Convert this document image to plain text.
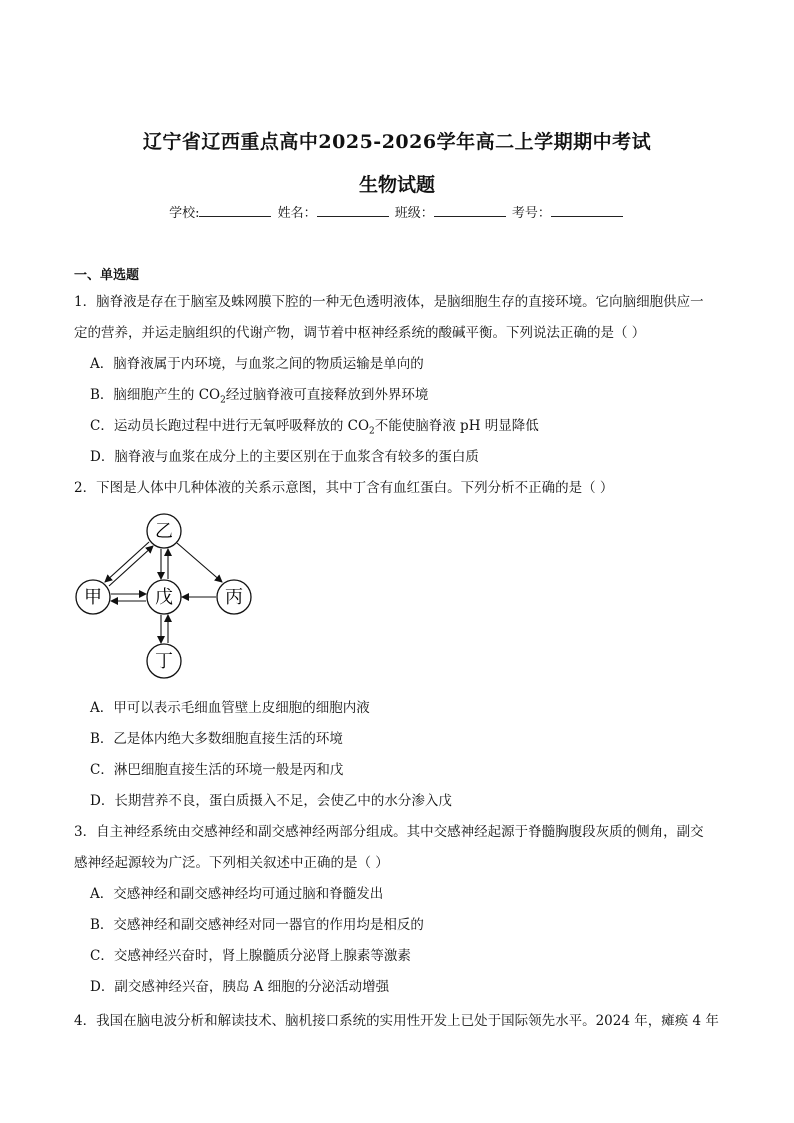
辽宁省辽西重点高中2025-2026学年高二上学期期中考试
生物试题
学校:	姓名：	班级：	考号：
一、单选题
1．脑脊液是存在于脑室及蛛网膜下腔的一种无色透明液体，是脑细胞生存的直接环境。它向脑细胞供应一
定的营养，并运走脑组织的代谢产物，调节着中枢神经系统的酸碱平衡。下列说法正确的是（ ）
A．脑脊液属于内环境，与血浆之间的物质运输是单向的
B．脑细胞产生的 $CO_2$经过脑脊液可直接释放到外界环境
C．运动员长跑过程中进行无氧呼吸释放的 $CO_2$不能使脑脊液 pH 明显降低
D．脑脊液与血浆在成分上的主要区别在于血浆含有较多的蛋白质
2．下图是人体中几种体液的关系示意图，其中丁含有血红蛋白。下列分析不正确的是（ ）
乙
甲	戊	丙
丁
A．甲可以表示毛细血管壁上皮细胞的细胞内液
B．乙是体内绝大多数细胞直接生活的环境
C．淋巴细胞直接生活的环境一般是丙和戊
D．长期营养不良，蛋白质摄入不足，会使乙中的水分渗入戊
3．自主神经系统由交感神经和副交感神经两部分组成。其中交感神经起源于脊髓胸腹段灰质的侧角，副交
感神经起源较为广泛。下列相关叙述中正确的是（ ）
A．交感神经和副交感神经均可通过脑和脊髓发出
B．交感神经和副交感神经对同一器官的作用均是相反的
C．交感神经兴奋时，肾上腺髓质分泌肾上腺素等激素
D．副交感神经兴奋，胰岛 A 细胞的分泌活动增强
4．我国在脑电波分析和解读技术、脑机接口系统的实用性开发上已处于国际领先水平。2024 年，瘫痪 4 年
